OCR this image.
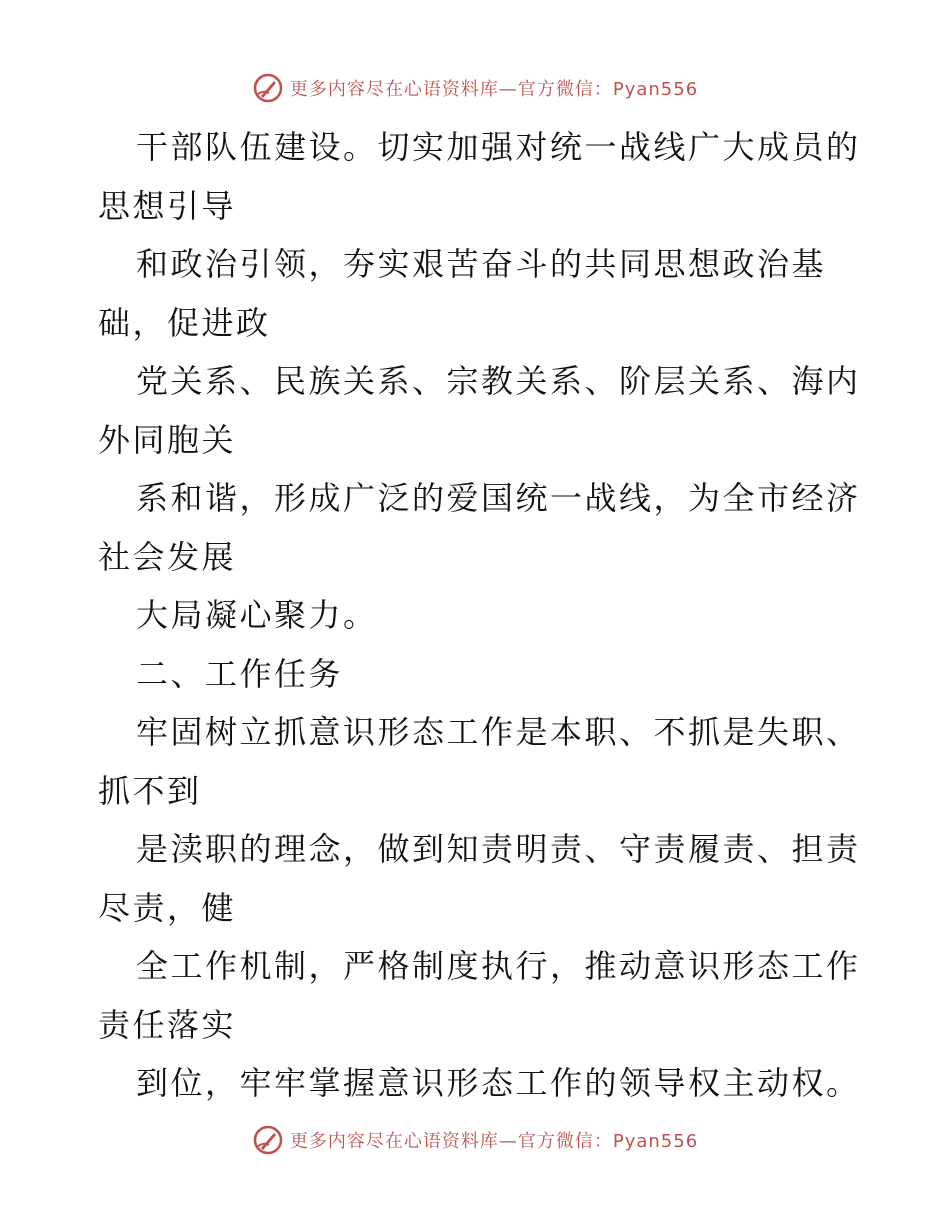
更多内容尽在心语资料库—官方微信：Pyan556
干部队伍建设。切实加强对统一战线广大成员的
思想引导
和政治引领，夯实艰苦奋斗的共同思想政治基
础，促进政
党关系、民族关系、宗教关系、阶层关系、海内
外同胞关
系和谐，形成广泛的爱国统一战线，为全市经济
社会发展
大局凝心聚力。
二、工作任务
牢固树立抓意识形态工作是本职、不抓是失职、
抓不到
是渎职的理念，做到知责明责、守责履责、担责
尽责，健
全工作机制，严格制度执行，推动意识形态工作
责任落实
到位，牢牢掌握意识形态工作的领导权主动权。
更多内容尽在心语资料库—官方微信：Pyan556
